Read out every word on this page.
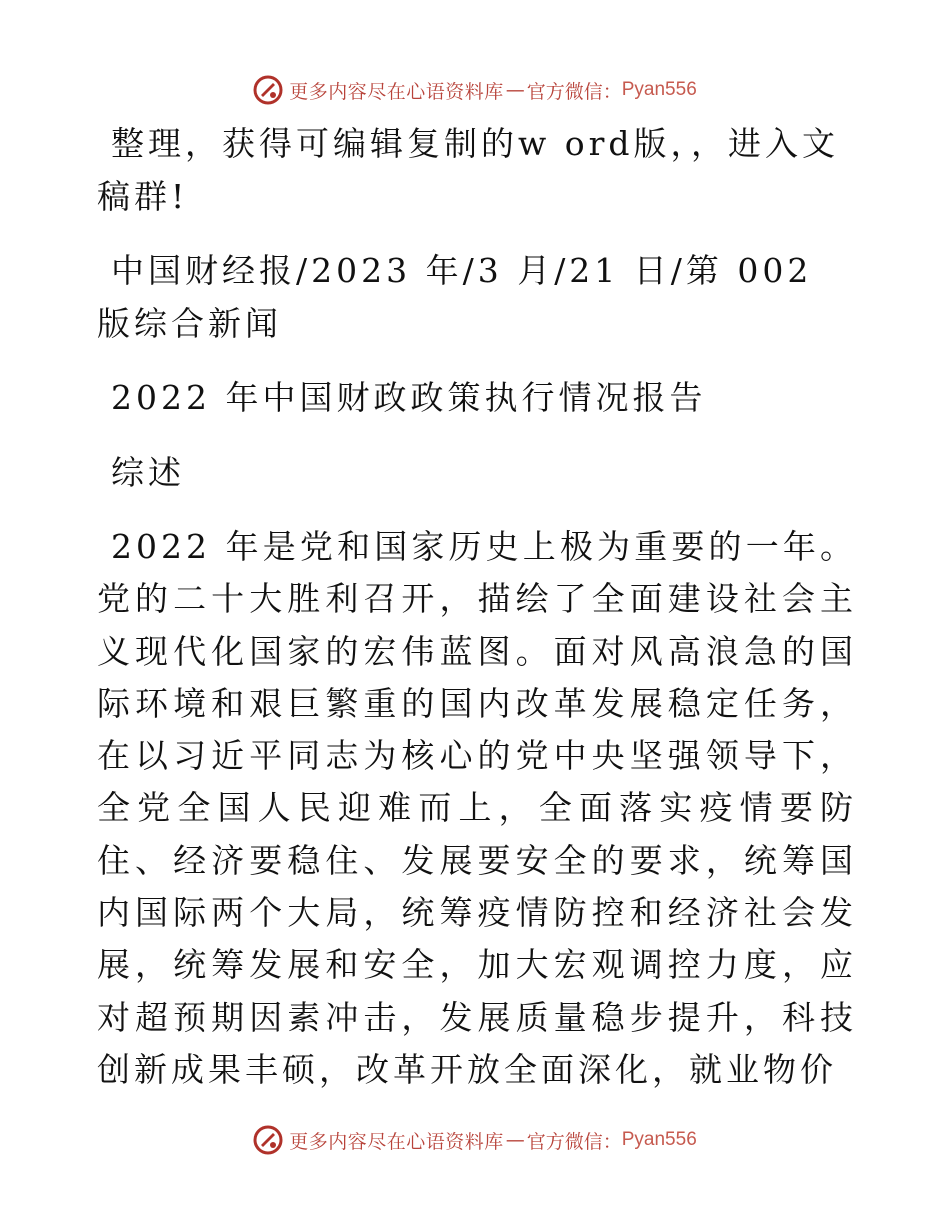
更多内容尽在心语资料库 — 官方微信： Pyan556

整理，获得可编辑复制的w ord版，，进入文稿群!

中国财经报/2023 年/3 月/21 日/第 002 版综合新闻

2022 年中国财政政策执行情况报告

综述

2022 年是党和国家历史上极为重要的一年。党的二十大胜利召开，描绘了全面建设社会主义现代化国家的宏伟蓝图。面对风高浪急的国际环境和艰巨繁重的国内改革发展稳定任务，在以习近平同志为核心的党中央坚强领导下，全党全国人民迎难而上，全面落实疫情要防住、经济要稳住、发展要安全的要求，统筹国内国际两个大局，统筹疫情防控和经济社会发展，统筹发展和安全，加大宏观调控力度，应对超预期因素冲击，发展质量稳步提升，科技创新成果丰硕，改革开放全面深化，就业物价

更多内容尽在心语资料库 — 官方微信： Pyan556
